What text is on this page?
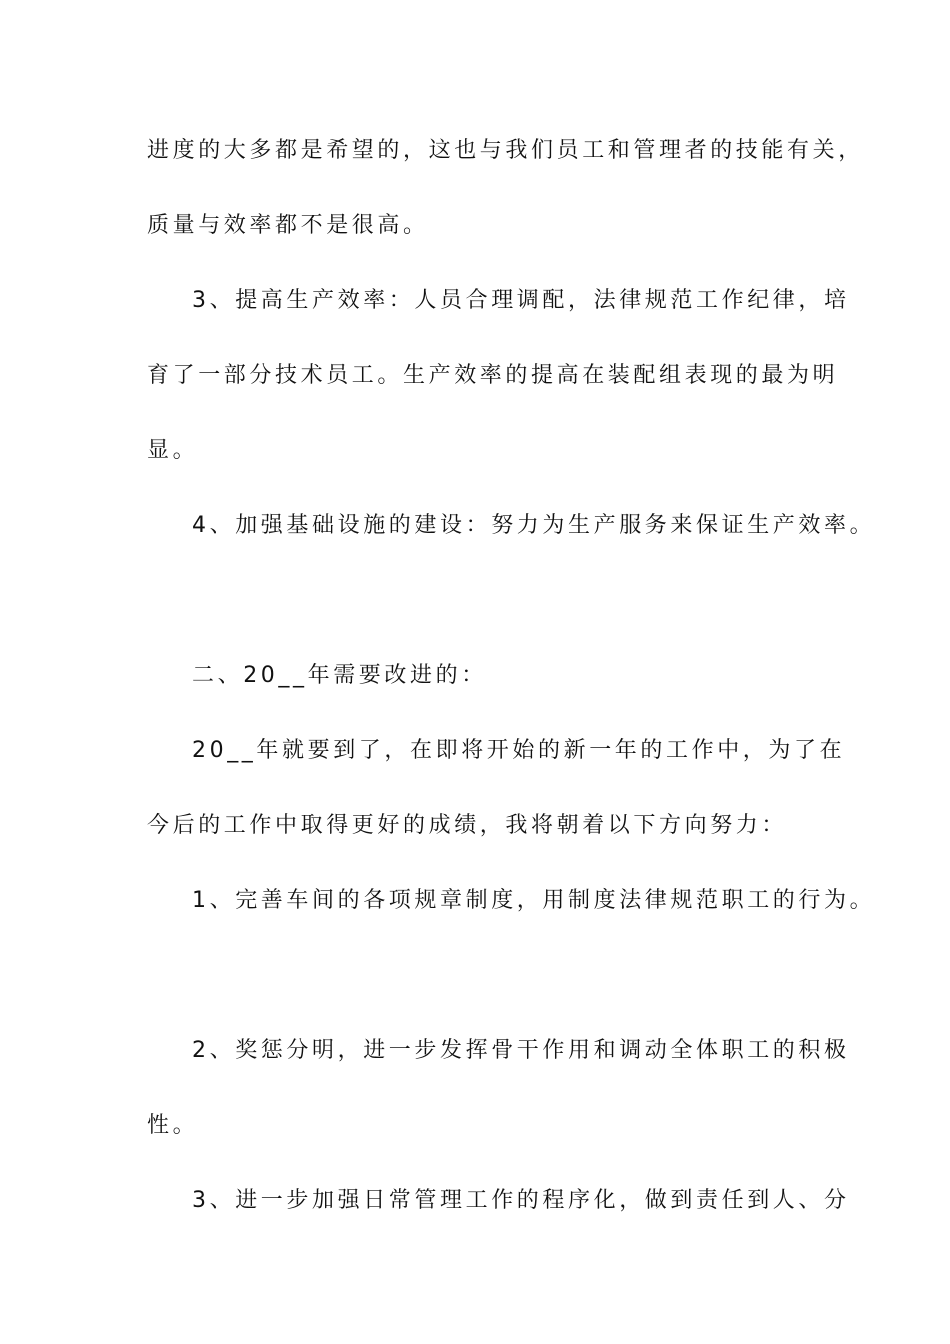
进度的大多都是希望的，这也与我们员工和管理者的技能有关，
质量与效率都不是很高。
3、提高生产效率：人员合理调配，法律规范工作纪律，培
育了一部分技术员工。生产效率的提高在装配组表现的最为明
显。
4、加强基础设施的建设：努力为生产服务来保证生产效率。
二、20__年需要改进的：
20__年就要到了，在即将开始的新一年的工作中，为了在
今后的工作中取得更好的成绩，我将朝着以下方向努力：
1、完善车间的各项规章制度，用制度法律规范职工的行为。
2、奖惩分明，进一步发挥骨干作用和调动全体职工的积极
性。
3、进一步加强日常管理工作的程序化，做到责任到人、分
